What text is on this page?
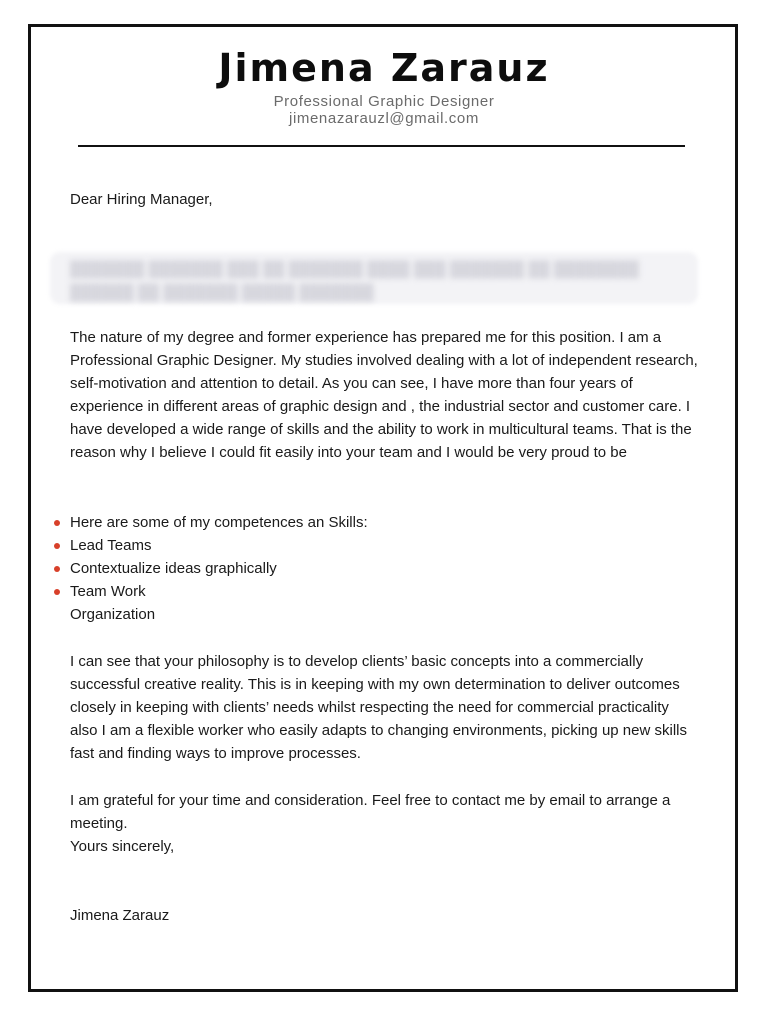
Jimena Zarauz
Professional Graphic Designer
jimenazarauzl@gmail.com
Dear Hiring Manager,
███████ ███████ ███ ██ ███████ ████ ███ ███████ ██ ████████ ██████ ██ ███████ █████ ███████
The nature of my degree and former experience has prepared me for this position. I am a Professional Graphic Designer. My studies involved dealing with a lot of independent research, self-motivation and attention to detail. As you can see, I have more than four years of experience in different areas of graphic design and , the industrial sector and customer care. I have developed a wide range of skills and the ability to work in multicultural teams. That is the reason why I believe I could fit easily into your team and I would be very proud to be
Here are some of my competences an Skills:
Lead Teams
Contextualize ideas graphically
Team Work
Organization
I can see that your philosophy is to develop clients’ basic concepts into a commercially successful creative reality. This is in keeping with my own determination to deliver outcomes closely in keeping with clients’ needs whilst respecting the need for commercial practicality also I am a flexible worker who easily adapts to changing environments, picking up new skills fast and finding ways to improve processes.
I am grateful for your time and consideration. Feel free to contact me by email to arrange a meeting.
Yours sincerely,
Jimena Zarauz
